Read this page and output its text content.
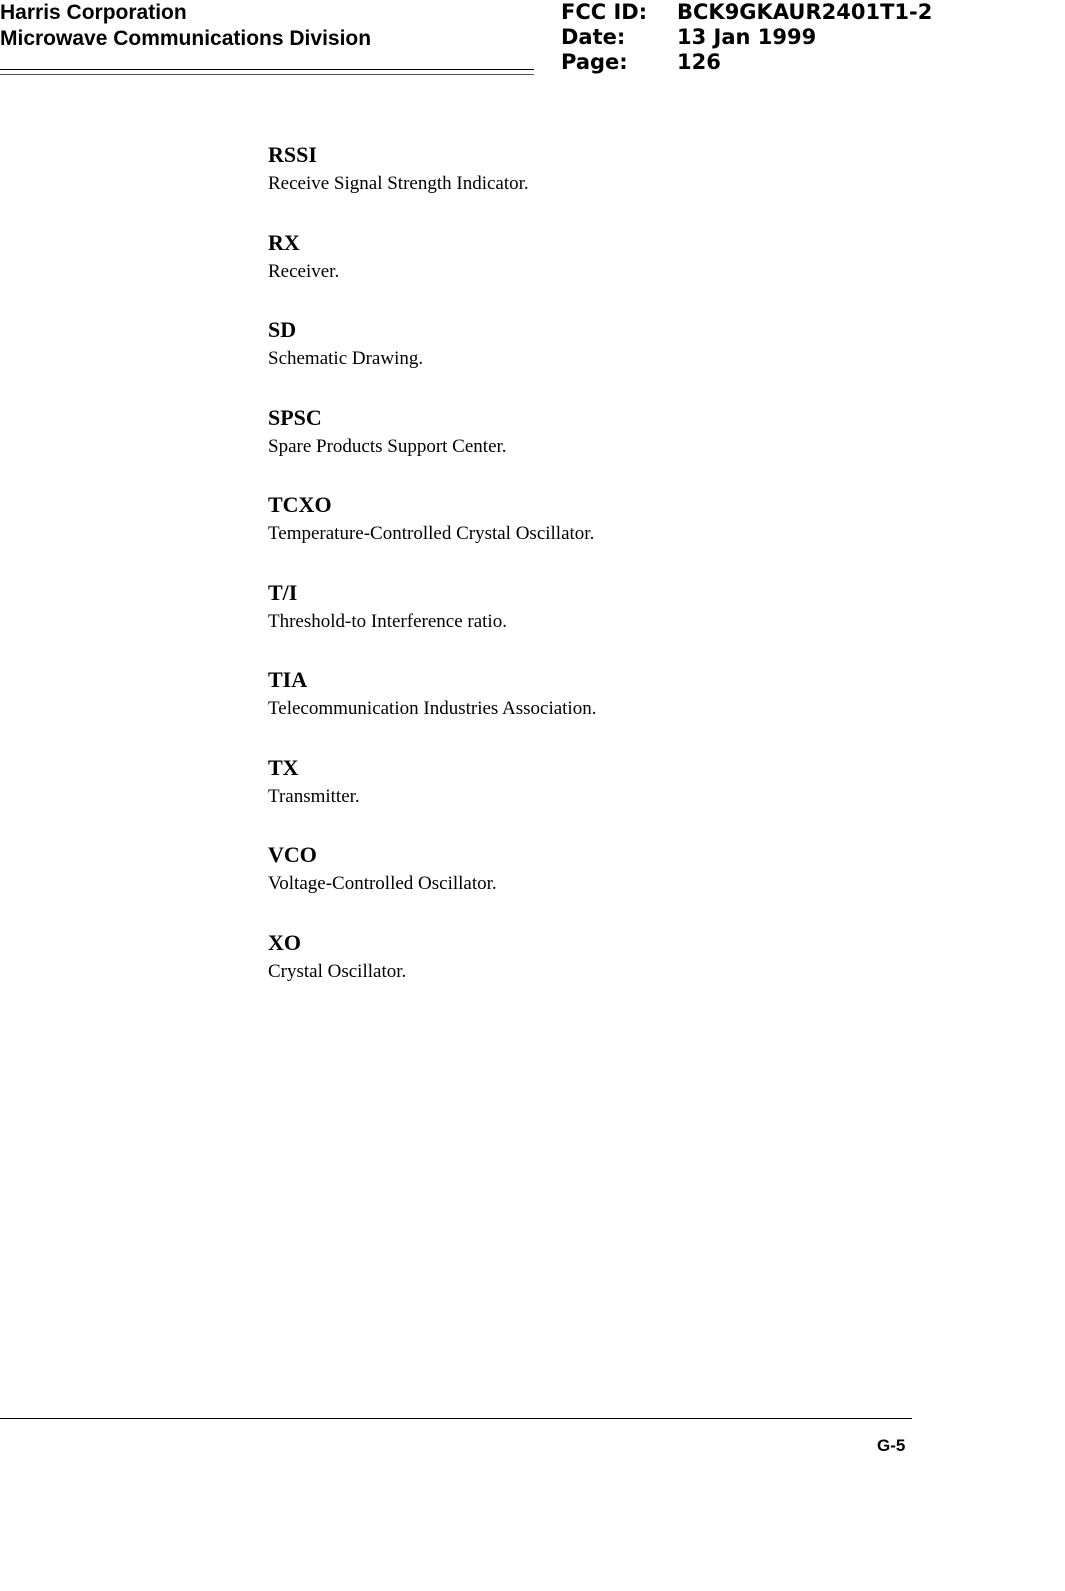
Harris Corporation
Microwave Communications Division
FCC ID:	BCK9GKAUR2401T1-2
Date:	13 Jan 1999
Page:	126
RSSI
Receive Signal Strength Indicator.
RX
Receiver.
SD
Schematic Drawing.
SPSC
Spare Products Support Center.
TCXO
Temperature-Controlled Crystal Oscillator.
T/I
Threshold-to Interference ratio.
TIA
Telecommunication Industries Association.
TX
Transmitter.
VCO
Voltage-Controlled Oscillator.
XO
Crystal Oscillator.
G-5
